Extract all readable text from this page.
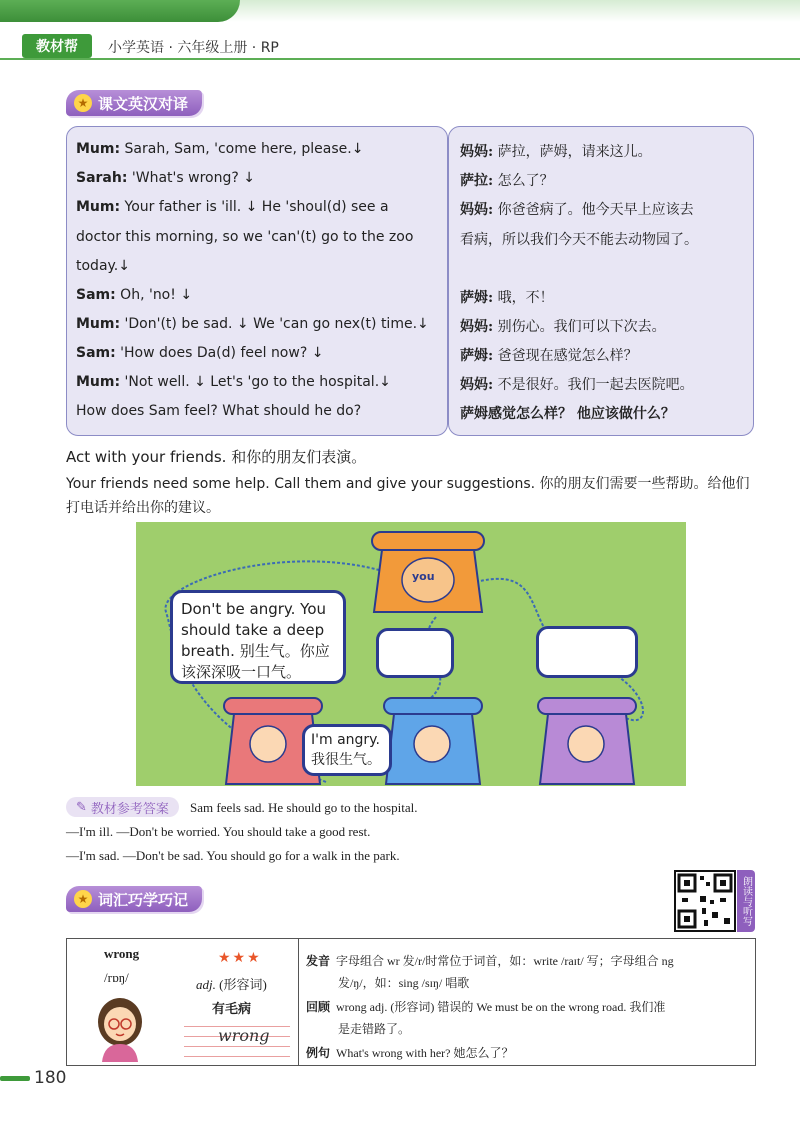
教材帮	小学英语 · 六年级上册 · RP
★ 课文英汉对译
Mum: Sarah, Sam, 'come here, please.↓
Sarah: 'What's wrong? ↓
Mum: Your father is 'ill. ↓ He 'shoul(d) see a
doctor this morning, so we 'can'(t) go to the zoo
today.↓
Sam: Oh, 'no! ↓
Mum: 'Don'(t) be sad. ↓ We 'can go nex(t) time.↓
Sam: 'How does Da(d) feel now? ↓
Mum: 'Not well. ↓ Let's 'go to the hospital.↓
How does Sam feel? What should he do?
妈妈: 萨拉，萨姆，请来这儿。
萨拉: 怎么了？
妈妈: 你爸爸病了。他今天早上应该去
看病，所以我们今天不能去动物园了。
萨姆: 哦，不！
妈妈: 别伤心。我们可以下次去。
萨姆: 爸爸现在感觉怎么样？
妈妈: 不是很好。我们一起去医院吧。
萨姆感觉怎么样？ 他应该做什么？
Act with your friends. 和你的朋友们表演。
Your friends need some help. Call them and give your suggestions. 你的朋友们需要一些帮助。给他们打电话并给出你的建议。
you
Don't be angry. You should take a deep breath. 别生气。你应该深深吸一口气。
I'm angry.
我很生气。
✎ 教材参考答案 Sam feels sad. He should go to the hospital.
—I'm ill. —Don't be worried. You should take a good rest.
—I'm sad. —Don't be sad. You should go for a walk in the park.
★ 词汇巧学巧记	朗读与听写
wrong
/rɒŋ/
★★★
adj. (形容词)
有毛病
wrong
发音 字母组合 wr 发/r/时常位于词首，如：write /raɪt/ 写；字母组合 ng
发/ŋ/，如：sing /sɪŋ/ 唱歌
回顾 wrong adj. (形容词) 错误的 We must be on the wrong road. 我们准
是走错路了。
例句 What's wrong with her? 她怎么了？
180
